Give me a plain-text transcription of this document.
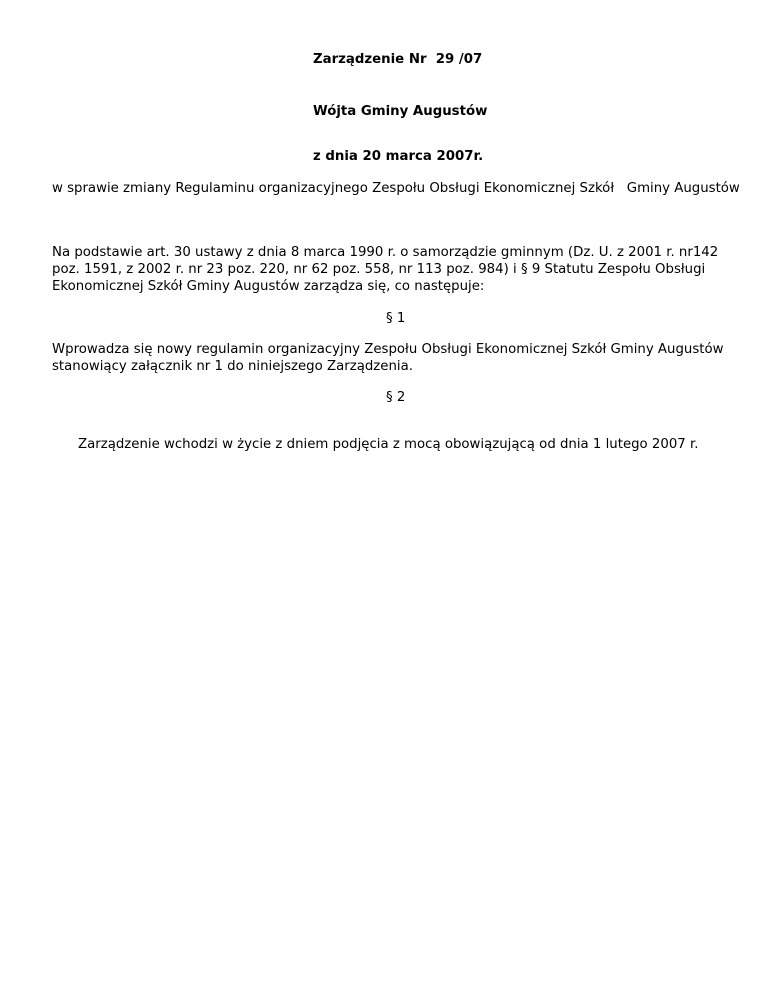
Zarządzenie Nr  29 /07
Wójta Gminy Augustów
z dnia 20 marca 2007r.
w sprawie zmiany Regulaminu organizacyjnego Zespołu Obsługi Ekonomicznej Szkół   Gminy Augustów
Na podstawie art. 30 ustawy z dnia 8 marca 1990 r. o samorządzie gminnym (Dz. U. z 2001 r. nr142 poz. 1591, z 2002 r. nr 23 poz. 220, nr 62 poz. 558, nr 113 poz. 984) i § 9 Statutu Zespołu Obsługi Ekonomicznej Szkół Gminy Augustów zarządza się, co następuje:
§ 1
Wprowadza się nowy regulamin organizacyjny Zespołu Obsługi Ekonomicznej Szkół Gminy Augustów stanowiący załącznik nr 1 do niniejszego Zarządzenia.
§ 2
Zarządzenie wchodzi w życie z dniem podjęcia z mocą obowiązującą od dnia 1 lutego 2007 r.
